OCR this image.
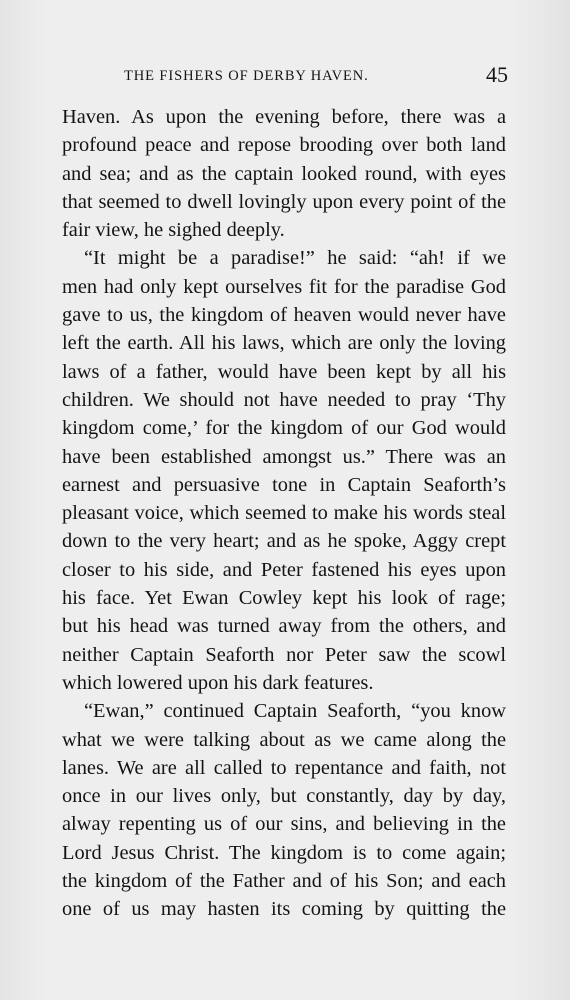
THE FISHERS OF DERBY HAVEN.	45
Haven. As upon the evening before, there was a
profound peace and repose brooding over both land
and sea; and as the captain looked round, with eyes
that seemed to dwell lovingly upon every point of the
fair view, he sighed deeply.
“It might be a paradise!” he said: “ah! if we
men had only kept ourselves fit for the paradise God
gave to us, the kingdom of heaven would never have
left the earth. All his laws, which are only the loving
laws of a father, would have been kept by all his
children. We should not have needed to pray ‘Thy
kingdom come,’ for the kingdom of our God would
have been established amongst us.” There was an
earnest and persuasive tone in Captain Seaforth’s
pleasant voice, which seemed to make his words steal
down to the very heart; and as he spoke, Aggy crept
closer to his side, and Peter fastened his eyes upon
his face. Yet Ewan Cowley kept his look of rage;
but his head was turned away from the others, and
neither Captain Seaforth nor Peter saw the scowl
which lowered upon his dark features.
“Ewan,” continued Captain Seaforth, “you know
what we were talking about as we came along the
lanes. We are all called to repentance and faith, not
once in our lives only, but constantly, day by day,
alway repenting us of our sins, and believing in the
Lord Jesus Christ. The kingdom is to come again;
the kingdom of the Father and of his Son; and each
one of us may hasten its coming by quitting the
